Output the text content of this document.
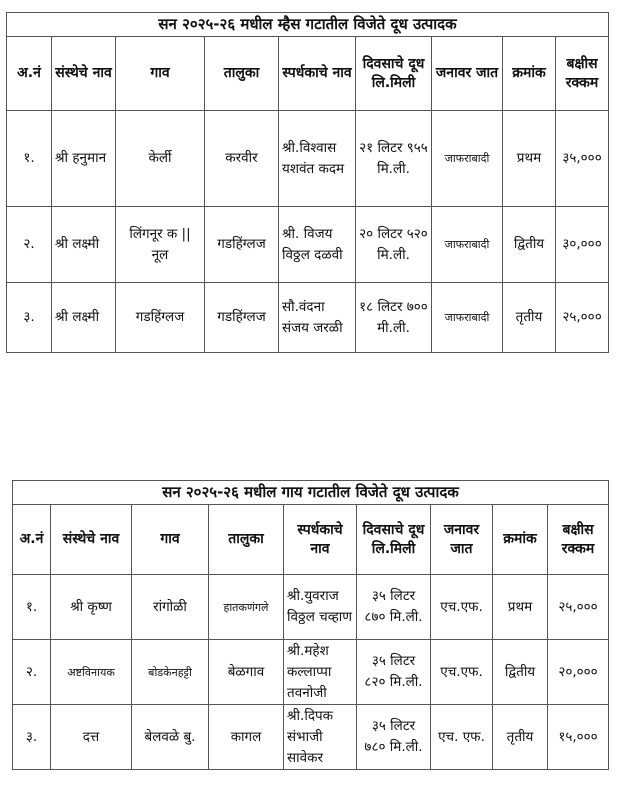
सन २०२५-२६ मधील म्हैस गटातील विजेते दूध उत्पादक								
अ.नं	संस्थेचे नाव	गाव	तालुका	स्पर्धकाचे नाव	दिवसाचे दूध लि.मिली	जनावर जात	क्रमांक	बक्षीस रक्कम
१.	श्री हनुमान	केर्ली	करवीर	श्री.विश्वास यशवंत कदम	२१ लिटर ९५५ मि.ली.	जाफराबादी	प्रथम	३५,०००
२.	श्री लक्ष्मी	लिंगनूर क || नूल	गडहिंग्लज	श्री. विजय विठ्ठल दळवी	२० लिटर ५२० मि.ली.	जाफराबादी	द्वितीय	३०,०००
३.	श्री लक्ष्मी	गडहिंग्लज	गडहिंग्लज	सौ.वंदना संजय जरळी	१८ लिटर ७०० मी.ली.	जाफराबादी	तृतीय	२५,०००
सन २०२५-२६ मधील गाय गटातील विजेते दूध उत्पादक								
अ.नं	संस्थेचे नाव	गाव	तालुका	स्पर्धकाचे नाव	दिवसाचे दूध लि.मिली	जनावर जात	क्रमांक	बक्षीस रक्कम
१.	श्री कृष्ण	रांगोळी	हातकणंगले	श्री.युवराज विठ्ठल चव्हाण	३५ लिटर ८७० मि.ली.	एच.एफ.	प्रथम	२५,०००
२.	अष्टविनायक	बोडकेनहट्टी	बेळगाव	श्री.महेश कल्लाप्पा तवनोजी	३५ लिटर ८२० मि.ली.	एच.एफ.	द्वितीय	२०,०००
३.	दत्त	बेलवळे बु.	कागल	श्री.दिपक संभाजी सावेकर	३५ लिटर ७८० मि.ली.	एच. एफ.	तृतीय	१५,०००
